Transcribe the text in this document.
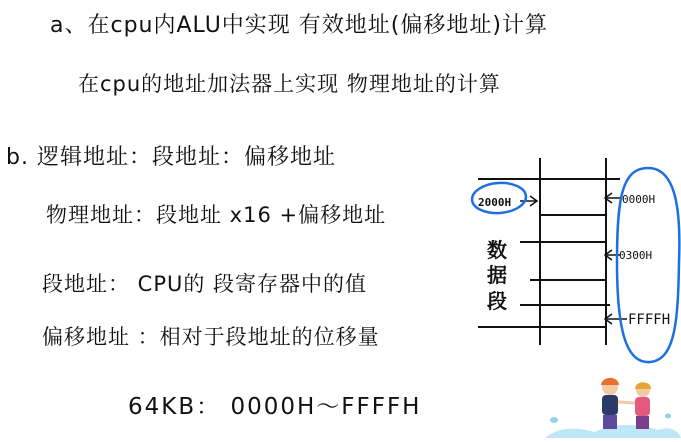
a、在cpu内ALU中实现 有效地址(偏移地址)计算
在cpu的地址加法器上实现 物理地址的计算
b. 逻辑地址：段地址：偏移地址
物理地址：段地址 x16 +偏移地址
段地址： CPU的 段寄存器中的值
偏移地址 ：相对于段地址的位移量
64KB： 0000H～FFFFH
2000H	0000H
0300H
FFFFH
数
据
段
